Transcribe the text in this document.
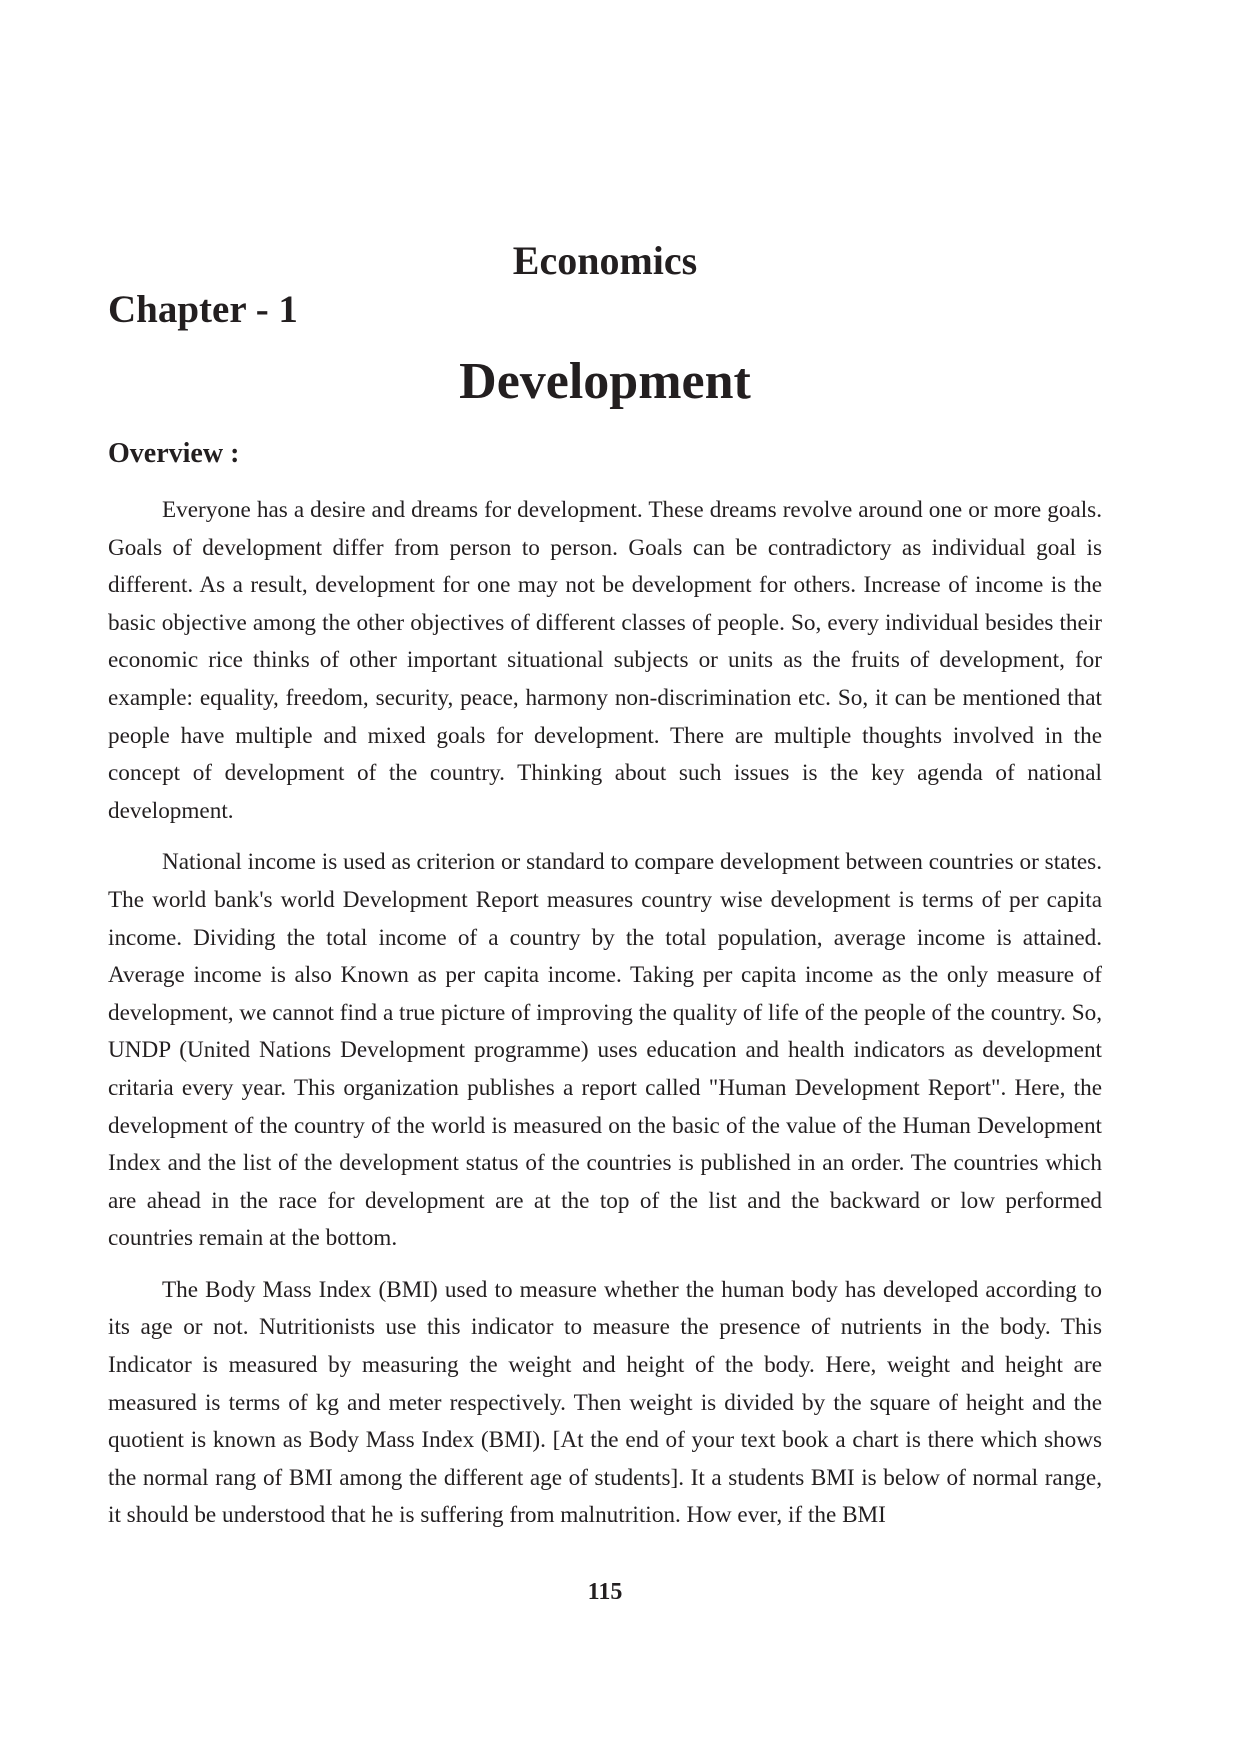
Economics
Chapter - 1
Development
Overview :

Everyone has a desire and dreams for development. These dreams revolve around one or more goals. Goals of development differ from person to person. Goals can be contradictory as individual goal is different. As a result, development for one may not be development for others. Increase of income is the basic objective among the other objectives of different classes of people. So, every individual besides their economic rice thinks of other important situational subjects or units as the fruits of development, for example: equality, freedom, security, peace, harmony non-discrimination etc. So, it can be mentioned that people have multiple and mixed goals for development. There are multiple thoughts involved in the concept of development of the country. Thinking about such issues is the key agenda of national development.

National income is used as criterion or standard to compare development between countries or states. The world bank's world Development Report measures country wise development is terms of per capita income. Dividing the total income of a country by the total population, average income is attained. Average income is also Known as per capita income. Taking per capita income as the only measure of development, we cannot find a true picture of improving the quality of life of the people of the country. So, UNDP (United Nations Development programme) uses education and health indicators as development critaria every year. This organization publishes a report called "Human Development Report". Here, the development of the country of the world is measured on the basic of the value of the Human Development Index and the list of the development status of the countries is published in an order. The countries which are ahead in the race for development are at the top of the list and the backward or low performed countries remain at the bottom.

The Body Mass Index (BMI) used to measure whether the human body has developed according to its age or not. Nutritionists use this indicator to measure the presence of nutrients in the body. This Indicator is measured by measuring the weight and height of the body. Here, weight and height are measured is terms of kg and meter respectively. Then weight is divided by the square of height and the quotient is known as Body Mass Index (BMI). [At the end of your text book a chart is there which shows the normal rang of BMI among the different age of students]. It a students BMI is below of normal range, it should be understood that he is suffering from malnutrition. How ever, if the BMI

115
